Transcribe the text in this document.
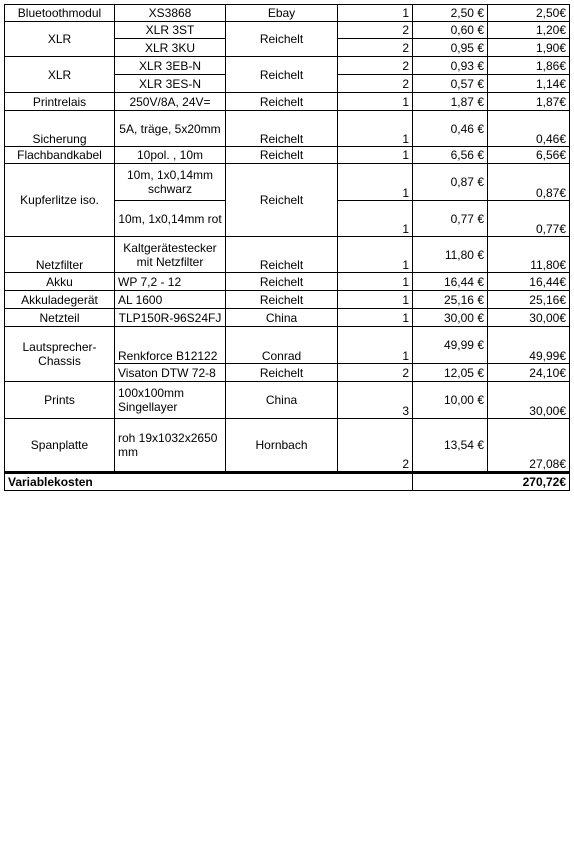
Bluetoothmodul	XS3868	Ebay	1	2,50 €	2,50€
XLR	XLR 3ST	Reichelt	2	0,60 €	1,20€
	XLR 3KU		2	0,95 €	1,90€
XLR	XLR 3EB-N	Reichelt	2	0,93 €	1,86€
	XLR 3ES-N		2	0,57 €	1,14€
Printrelais	250V/8A, 24V=	Reichelt	1	1,87 €	1,87€
Sicherung	5A, träge, 5x20mm	Reichelt	1	0,46 €	0,46€
Flachbandkabel	10pol. , 10m	Reichelt	1	6,56 €	6,56€
Kupferlitze iso.	10m, 1x0,14mm schwarz	Reichelt	1	0,87 €	0,87€
	10m, 1x0,14mm rot		1	0,77 €	0,77€
Netzfilter	Kaltgerätestecker mit Netzfilter	Reichelt	1	11,80 €	11,80€
Akku	WP 7,2 - 12	Reichelt	1	16,44 €	16,44€
Akkuladegerät	AL 1600	Reichelt	1	25,16 €	25,16€
Netzteil	TLP150R-96S24FJ	China	1	30,00 €	30,00€
Lautsprecher-Chassis	Renkforce B12122	Conrad	1	49,99 €	49,99€
	Visaton DTW 72-8	Reichelt	2	12,05 €	24,10€
Prints	100x100mm Singellayer	China	3	10,00 €	30,00€
Spanplatte	roh 19x1032x2650 mm	Hornbach	2	13,54 €	27,08€
Variablekosten				270,72€	
